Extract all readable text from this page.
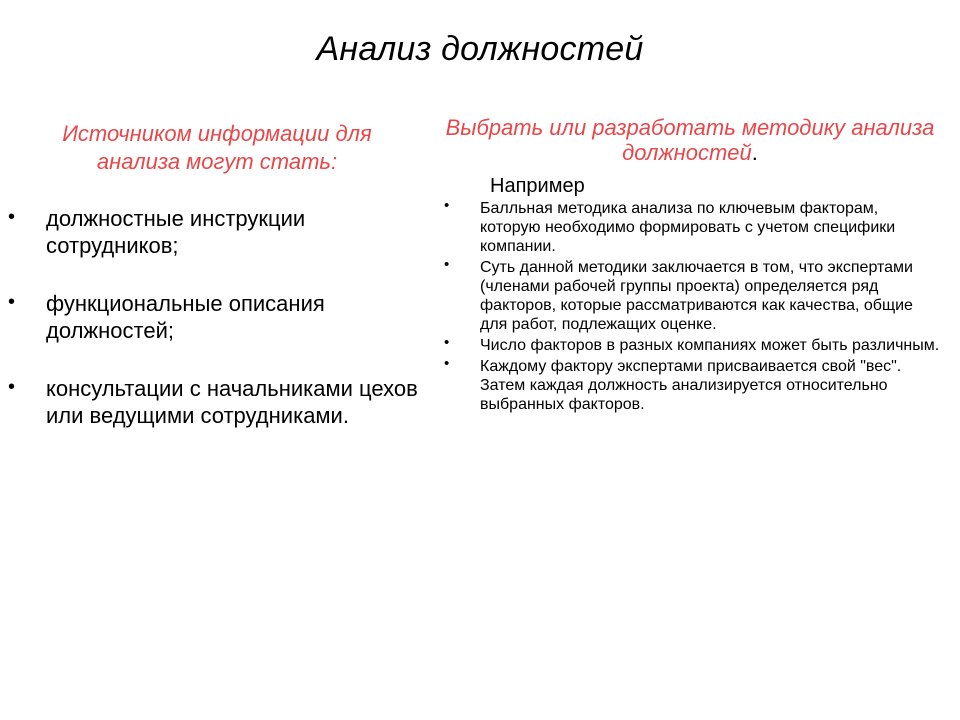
Анализ должностей
Источником информации для анализа могут стать:
• должностные инструкции сотрудников;
• функциональные описания должностей;
• консультации с начальниками цехов или ведущими сотрудниками.
Выбрать или разработать методику анализа должностей.
Например
• Балльная методика анализа по ключевым факторам, которую необходимо формировать с учетом специфики компании.
• Суть данной методики заключается в том, что экспертами (членами рабочей группы проекта) определяется ряд факторов, которые рассматриваются как качества, общие для работ, подлежащих оценке.
• Число факторов в разных компаниях может быть различным.
• Каждому фактору экспертами присваивается свой "вес". Затем каждая должность анализируется относительно выбранных факторов.
